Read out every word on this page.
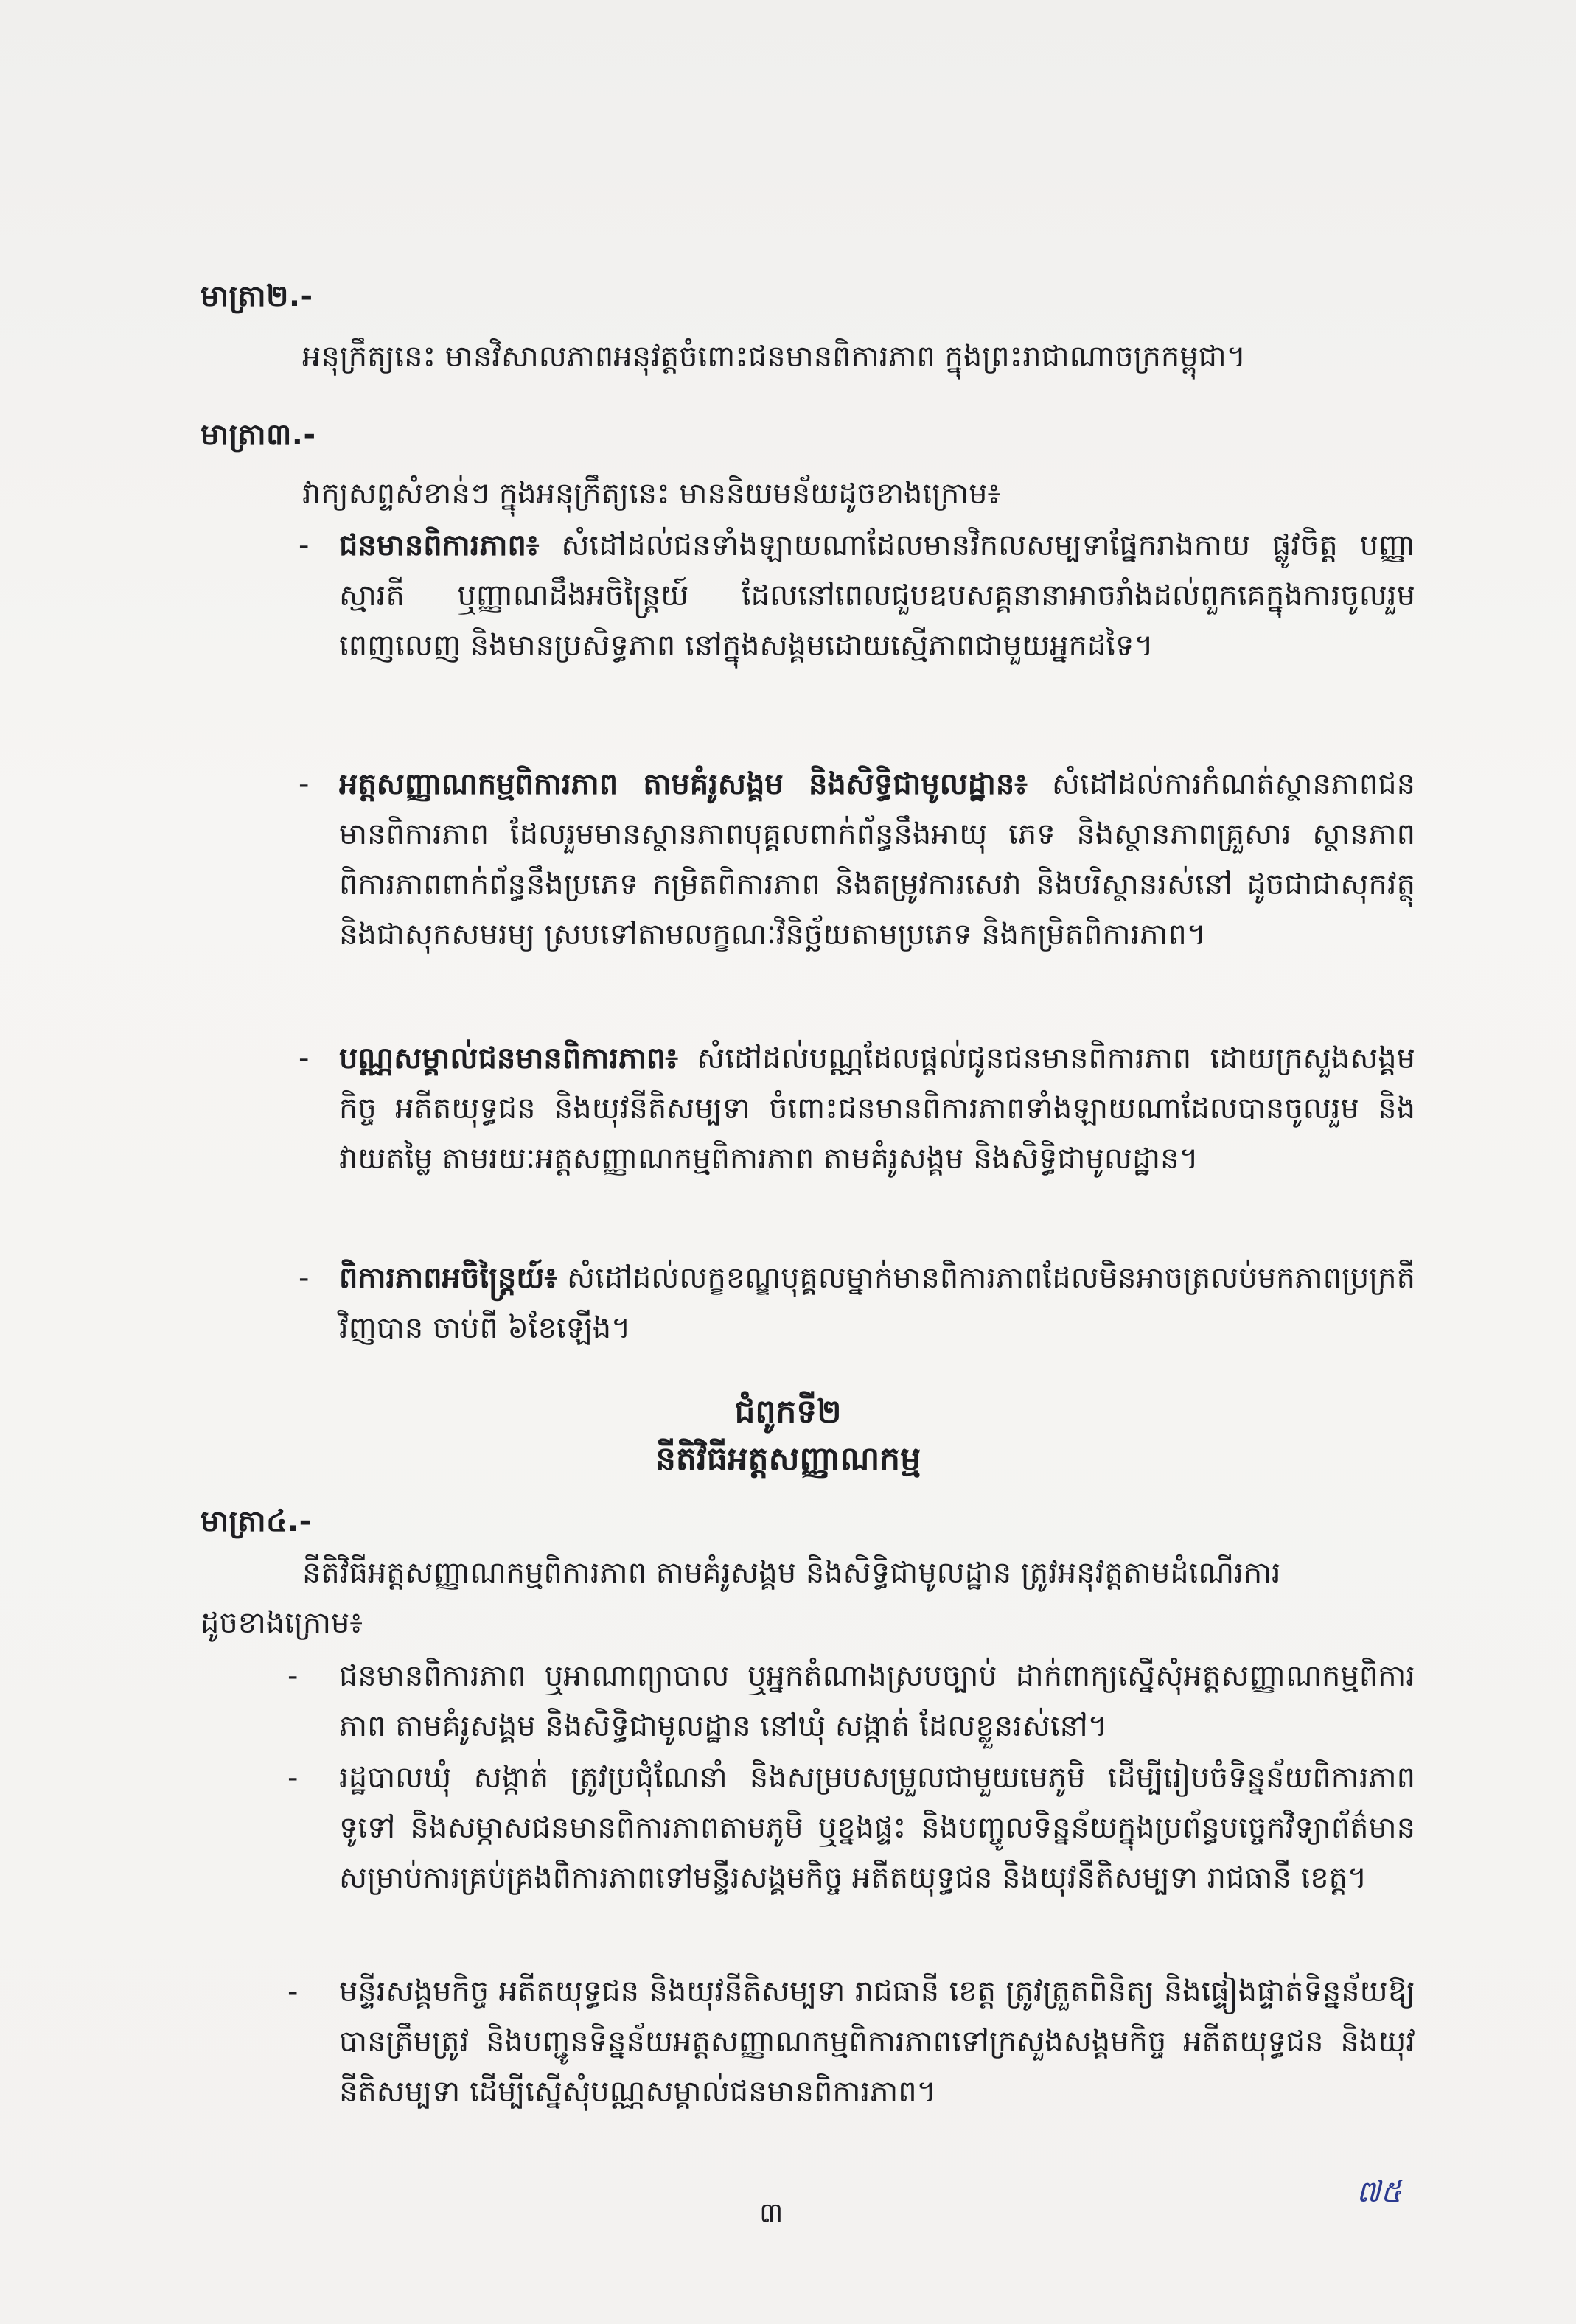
មាត្រា២.-
អនុក្រឹត្យនេះ មានវិសាលភាពអនុវត្តចំពោះជនមានពិការភាព ក្នុងព្រះរាជាណាចក្រកម្ពុជា។
មាត្រា៣.-
វាក្យសព្ទសំខាន់ៗ ក្នុងអនុក្រឹត្យនេះ មាននិយមន័យដូចខាងក្រោម៖
- ជនមានពិការភាព៖ សំដៅដល់ជនទាំងឡាយណាដែលមានវិកលសម្បទាផ្នែករាងកាយ ផ្លូវចិត្ត បញ្ញាស្មារតី ឬញ្ញាណដឹងអចិន្ត្រៃយ៍ ដែលនៅពេលជួបឧបសគ្គនានាអាចរាំងដល់ពួកគេក្នុងការចូលរួមពេញលេញ និងមានប្រសិទ្ធភាព នៅក្នុងសង្គមដោយស្មើភាពជាមួយអ្នកដទៃ។
- អត្តសញ្ញាណកម្មពិការភាព តាមគំរូសង្គម និងសិទ្ធិជាមូលដ្ឋាន៖ សំដៅដល់ការកំណត់ស្ថានភាពជនមានពិការភាព ដែលរួមមានស្ថានភាពបុគ្គលពាក់ព័ន្ធនឹងអាយុ ភេទ និងស្ថានភាពគ្រួសារ ស្ថានភាពពិការភាពពាក់ព័ន្ធនឹងប្រភេទ កម្រិតពិការភាព និងតម្រូវការសេវា និងបរិស្ថានរស់នៅ ដូចជាជាសុកវត្ថុ និងជាសុកសមរម្យ ស្របទៅតាមលក្ខណៈវិនិច្ឆ័យតាមប្រភេទ និងកម្រិតពិការភាព។
- បណ្ណសម្គាល់ជនមានពិការភាព៖ សំដៅដល់បណ្ណដែលផ្តល់ជូនជនមានពិការភាព ដោយក្រសួងសង្គមកិច្ច អតីតយុទ្ធជន និងយុវនីតិសម្បទា ចំពោះជនមានពិការភាពទាំងឡាយណាដែលបានចូលរួម និងវាយតម្លៃ តាមរយៈអត្តសញ្ញាណកម្មពិការភាព តាមគំរូសង្គម និងសិទ្ធិជាមូលដ្ឋាន។
- ពិការភាពអចិន្ត្រៃយ៍៖ សំដៅដល់លក្ខខណ្ឌបុគ្គលម្នាក់មានពិការភាពដែលមិនអាចត្រលប់មកភាពប្រក្រតីវិញបាន ចាប់ពី ៦ខែឡើង។
ជំពូកទី២
នីតិវិធីអត្តសញ្ញាណកម្ម
មាត្រា៤.-
នីតិវិធីអត្តសញ្ញាណកម្មពិការភាព តាមគំរូសង្គម និងសិទ្ធិជាមូលដ្ឋាន ត្រូវអនុវត្តតាមដំណើរការ
ដូចខាងក្រោម៖
- ជនមានពិការភាព ឬអាណាព្យាបាល ឬអ្នកតំណាងស្របច្បាប់ ដាក់ពាក្យស្នើសុំអត្តសញ្ញាណកម្មពិការភាព តាមគំរូសង្គម និងសិទ្ធិជាមូលដ្ឋាន នៅឃុំ សង្កាត់ ដែលខ្លួនរស់នៅ។
- រដ្ឋបាលឃុំ សង្កាត់ ត្រូវប្រជុំណែនាំ និងសម្របសម្រួលជាមួយមេភូមិ ដើម្បីរៀបចំទិន្នន័យពិការភាពទូទៅ និងសម្ភាសជនមានពិការភាពតាមភូមិ ឬខ្នងផ្ទះ និងបញ្ចូលទិន្នន័យក្នុងប្រព័ន្ធបច្ចេកវិទ្យាព័ត៌មាន សម្រាប់ការគ្រប់គ្រងពិការភាពទៅមន្ទីរសង្គមកិច្ច អតីតយុទ្ធជន និងយុវនីតិសម្បទា រាជធានី ខេត្ត។
- មន្ទីរសង្គមកិច្ច អតីតយុទ្ធជន និងយុវនីតិសម្បទា រាជធានី ខេត្ត ត្រូវត្រួតពិនិត្យ និងផ្ទៀងផ្ទាត់ទិន្នន័យឱ្យបានត្រឹមត្រូវ និងបញ្ជូនទិន្នន័យអត្តសញ្ញាណកម្មពិការភាពទៅក្រសួងសង្គមកិច្ច អតីតយុទ្ធជន និងយុវនីតិសម្បទា ដើម្បីស្នើសុំបណ្ណសម្គាល់ជនមានពិការភាព។
៣
៧៥
